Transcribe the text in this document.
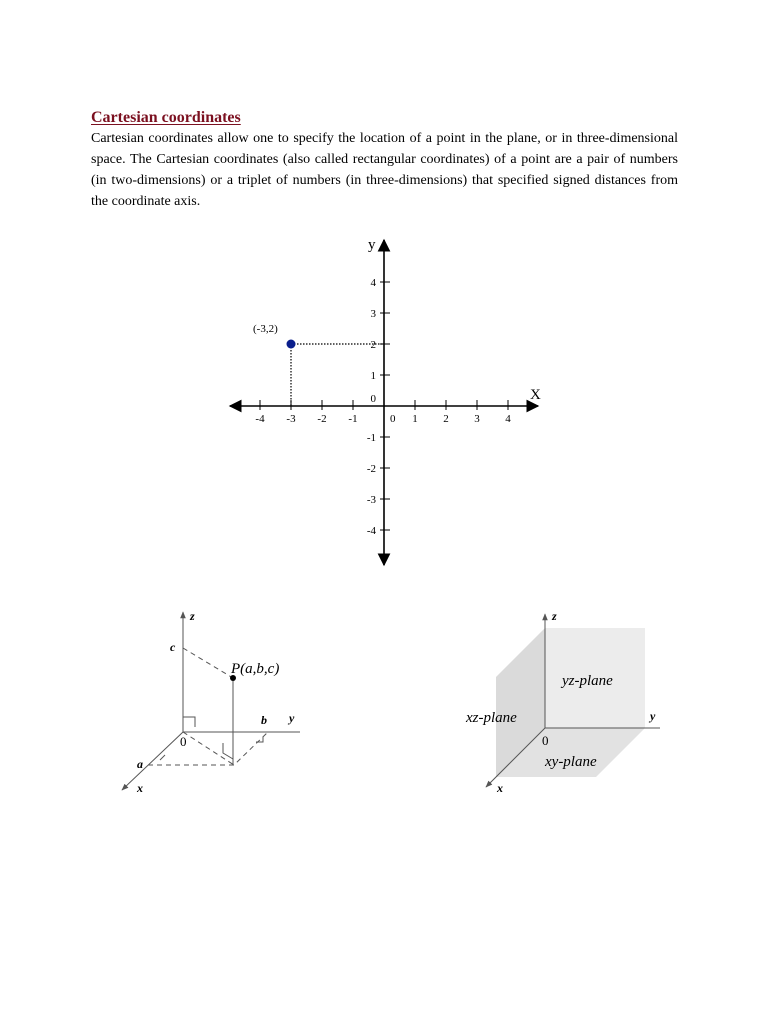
Cartesian coordinates

Cartesian coordinates allow one to specify the location of a point in the plane, or in three-dimensional space. The Cartesian coordinates (also called rectangular coordinates) of a point are a pair of numbers (in two-dimensions) or a triplet of numbers (in three-dimensions) that specified signed distances from the coordinate axis.

-4 -3 -2 -1	0 1 2 3 4
4
3
2
1
0
-1
-2
-3
-4
X
y
(-3,2)
z
c
P(a,b,c)
b y
0
a
x
z
yz-plane
y
xz-plane
0
xy-plane
x
